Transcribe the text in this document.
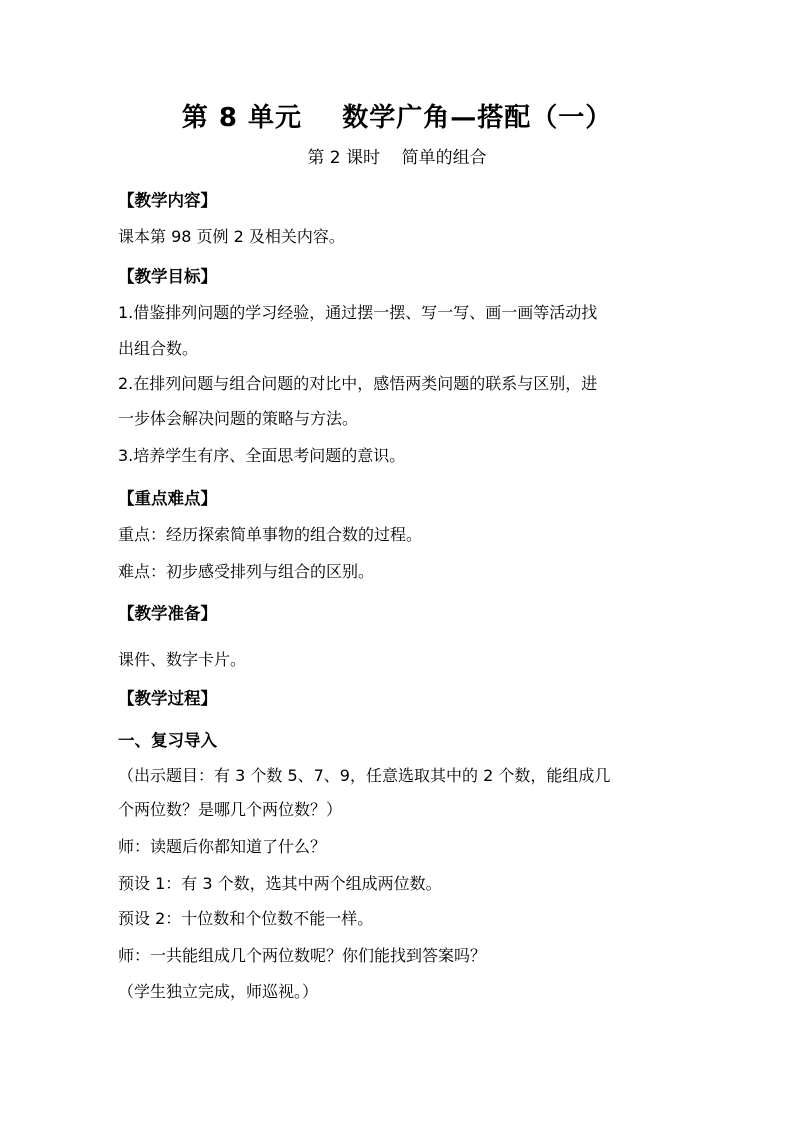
第 8 单元    数学广角—搭配（一）
第 2 课时    简单的组合
【教学内容】
课本第 98 页例 2 及相关内容。
【教学目标】
1.借鉴排列问题的学习经验，通过摆一摆、写一写、画一画等活动找
出组合数。
2.在排列问题与组合问题的对比中，感悟两类问题的联系与区别，进
一步体会解决问题的策略与方法。
3.培养学生有序、全面思考问题的意识。
【重点难点】
重点：经历探索简单事物的组合数的过程。
难点：初步感受排列与组合的区别。
【教学准备】
课件、数字卡片。
【教学过程】
一、复习导入
（出示题目：有 3 个数 5、7、9，任意选取其中的 2 个数，能组成几
个两位数？是哪几个两位数？）
师：读题后你都知道了什么？
预设 1：有 3 个数，选其中两个组成两位数。
预设 2：十位数和个位数不能一样。
师：一共能组成几个两位数呢？你们能找到答案吗？
（学生独立完成，师巡视。）
